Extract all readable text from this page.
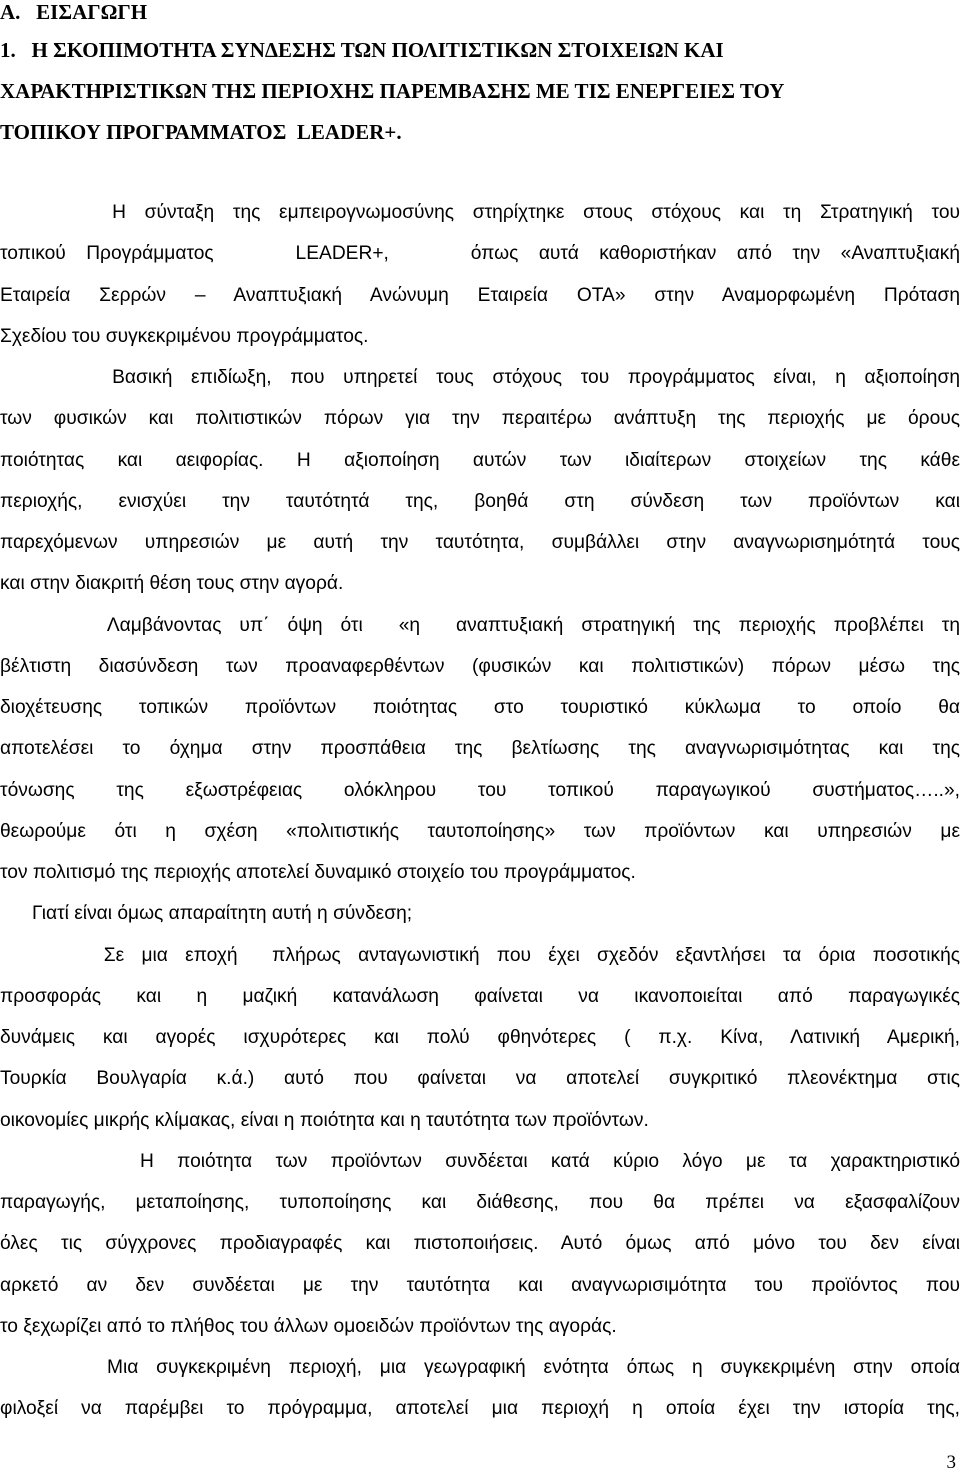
A.   ΕΙΣΑΓΩΓΗ
1.   Η ΣΚΟΠΙΜΟΤΗΤΑ ΣΥΝΔΕΣΗΣ ΤΩΝ ΠΟΛΙΤΙΣΤΙΚΩΝ ΣΤΟΙΧΕΙΩΝ ΚΑΙ
ΧΑΡΑΚΤΗΡΙΣΤΙΚΩΝ ΤΗΣ ΠΕΡΙΟΧΗΣ ΠΑΡΕΜΒΑΣΗΣ ΜΕ ΤΙΣ ΕΝΕΡΓΕΙΕΣ ΤΟΥ
ΤΟΠΙΚΟΥ ΠΡΟΓΡΑΜΜΑΤΟΣ  LEADER+.
Η σύνταξη της εμπειρογνωμοσύνης στηρίχτηκε στους στόχους και τη Στρατηγική του
τοπικού Προγράμματος    LEADER+,    όπως αυτά καθοριστήκαν από την «Αναπτυξιακή
Εταιρεία Σερρών – Αναπτυξιακή Ανώνυμη Εταιρεία ΟΤΑ» στην Αναμορφωμένη Πρόταση
Σχεδίου του συγκεκριμένου προγράμματος.
Βασική επιδίωξη, που υπηρετεί τους στόχους του προγράμματος είναι, η αξιοποίηση
των φυσικών και πολιτιστικών πόρων για την περαιτέρω ανάπτυξη της περιοχής με όρους
ποιότητας και αειφορίας. Η αξιοποίηση αυτών των ιδιαίτερων στοιχείων της κάθε
περιοχής, ενισχύει την ταυτότητά της, βοηθά στη σύνδεση των προϊόντων και
παρεχόμενων υπηρεσιών με αυτή την ταυτότητα, συμβάλλει στην αναγνωρισημότητά τους
και στην διακριτή θέση τους στην αγορά.
Λαμβάνοντας υπ΄ όψη ότι  «η  αναπτυξιακή στρατηγική της περιοχής προβλέπει τη
βέλτιστη διασύνδεση των προαναφερθέντων (φυσικών και πολιτιστικών) πόρων μέσω της
διοχέτευσης τοπικών προϊόντων ποιότητας στο τουριστικό κύκλωμα το οποίο θα
αποτελέσει το όχημα στην προσπάθεια της βελτίωσης της αναγνωρισιμότητας και της
τόνωσης της εξωστρέφειας ολόκληρου του τοπικού παραγωγικού συστήματος…..»,
θεωρούμε ότι η σχέση «πολιτιστικής ταυτοποίησης» των προϊόντων και υπηρεσιών με
τον πολιτισμό της περιοχής αποτελεί δυναμικό στοιχείο του προγράμματος.
Γιατί είναι όμως απαραίτητη αυτή η σύνδεση;
Σε μια εποχή  πλήρως ανταγωνιστική που έχει σχεδόν εξαντλήσει τα όρια ποσοτικής
προσφοράς και η μαζική κατανάλωση φαίνεται να ικανοποιείται από παραγωγικές
δυνάμεις και αγορές ισχυρότερες και πολύ φθηνότερες ( π.χ. Κίνα, Λατινική Αμερική,
Τουρκία Βουλγαρία κ.ά.) αυτό που φαίνεται να αποτελεί συγκριτικό πλεονέκτημα στις
οικονομίες μικρής κλίμακας, είναι η ποιότητα και η ταυτότητα των προϊόντων.
Η ποιότητα των προϊόντων συνδέεται κατά κύριο λόγο με τα χαρακτηριστικό
παραγωγής, μεταποίησης, τυποποίησης και διάθεσης, που θα πρέπει να εξασφαλίζουν
όλες τις σύγχρονες προδιαγραφές και πιστοποιήσεις. Αυτό όμως από μόνο του δεν είναι
αρκετό αν δεν συνδέεται με την ταυτότητα και αναγνωρισιμότητα του προϊόντος που
το ξεχωρίζει από το πλήθος του άλλων ομοειδών προϊόντων της αγοράς.
Μια συγκεκριμένη περιοχή, μια γεωγραφική ενότητα όπως η συγκεκριμένη στην οποία
φιλοξεί να παρέμβει το πρόγραμμα, αποτελεί μια περιοχή η οποία έχει την ιστορία της,
3
